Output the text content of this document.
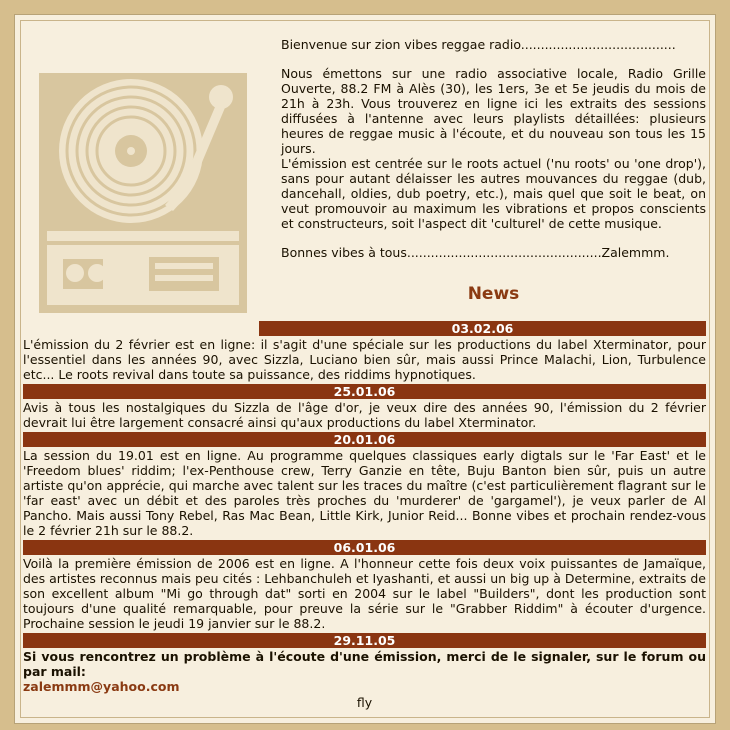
Bienvenue sur zion vibes reggae radio.......................................

Nous émettons sur une radio associative locale, Radio Grille Ouverte, 88.2 FM à Alès (30), les 1ers, 3e et 5e jeudis du mois de 21h à 23h. Vous trouverez en ligne ici les extraits des sessions diffusées à l'antenne avec leurs playlists détaillées: plusieurs heures de reggae music à l'écoute, et du nouveau son tous les 15 jours.

L'émission est centrée sur le roots actuel ('nu roots' ou 'one drop'), sans pour autant délaisser les autres mouvances du reggae (dub, dancehall, oldies, dub poetry, etc.), mais quel que soit le beat, on veut promouvoir au maximum les vibrations et propos conscients et constructeurs, soit l'aspect dit 'culturel' de cette musique.

Bonnes vibes à tous.................................................Zalemmm.

News
03.02.06

L'émission du 2 février est en ligne: il s'agit d'une spéciale sur les productions du label Xterminator, pour l'essentiel dans les années 90, avec Sizzla, Luciano bien sûr, mais aussi Prince Malachi, Lion, Turbulence etc... Le roots revival dans toute sa puissance, des riddims hypnotiques.

25.01.06

Avis à tous les nostalgiques du Sizzla de l'âge d'or, je veux dire des années 90, l'émission du 2 février devrait lui être largement consacré ainsi qu'aux productions du label Xterminator.

20.01.06

La session du 19.01 est en ligne. Au programme quelques classiques early digtals sur le 'Far East' et le 'Freedom blues' riddim; l'ex-Penthouse crew, Terry Ganzie en tête, Buju Banton bien sûr, puis un autre artiste qu'on apprécie, qui marche avec talent sur les traces du maître (c'est particulièrement flagrant sur le 'far east' avec un débit et des paroles très proches du 'murderer' de 'gargamel'), je veux parler de Al Pancho. Mais aussi Tony Rebel, Ras Mac Bean, Little Kirk, Junior Reid... Bonne vibes et prochain rendez-vous le 2 février 21h sur le 88.2.

06.01.06

Voilà la première émission de 2006 est en ligne. A l'honneur cette fois deux voix puissantes de Jamaïque, des artistes reconnus mais peu cités : Lehbanchuleh et Iyashanti, et aussi un big up à Determine, extraits de son excellent album "Mi go through dat" sorti en 2004 sur le label "Builders", dont les production sont toujours d'une qualité remarquable, pour preuve la série sur le "Grabber Riddim" à écouter d'urgence. Prochaine session le jeudi 19 janvier sur le 88.2.

29.11.05

Si vous rencontrez un problème à l'écoute d'une émission, merci de le signaler, sur le forum ou par mail:

zalemmm@yahoo.com
fly
